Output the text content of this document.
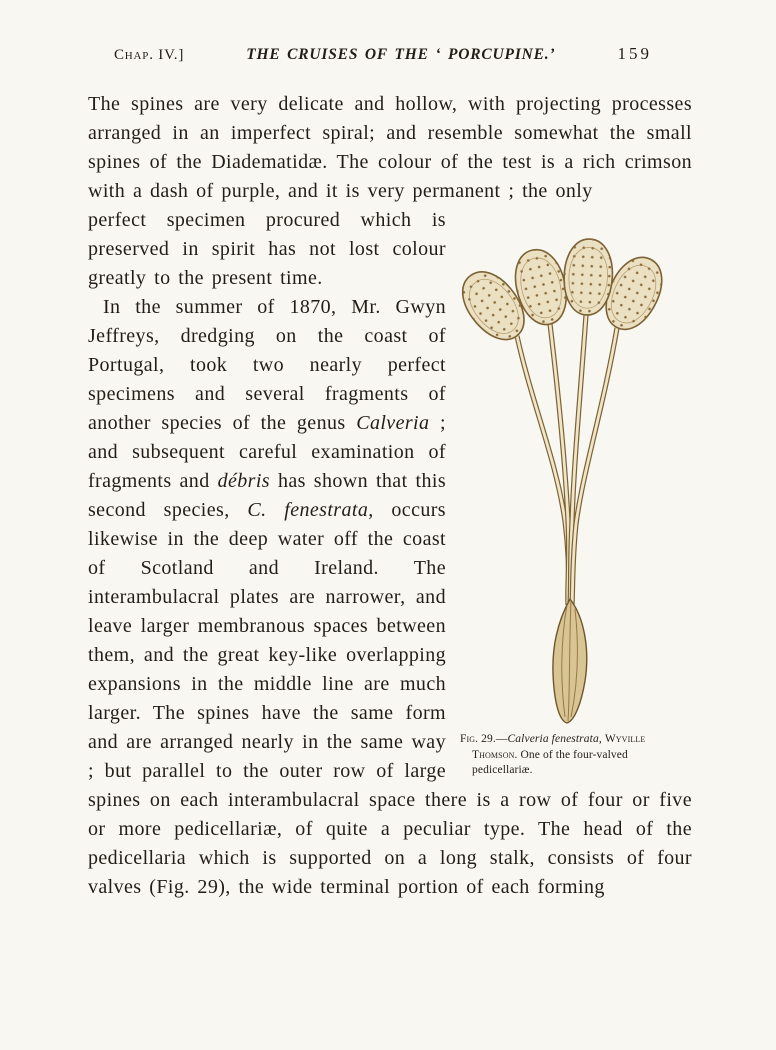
Chap. IV.]	THE CRUISES OF THE ‘ PORCUPINE.’	159

The spines are very delicate and hollow, with projecting processes arranged in an imperfect spiral; and resemble somewhat the small spines of the Diadematidæ. The colour of the test is a rich crimson with a dash of purple, and it is very permanent ; the only

Fig. 29.—Calveria fenestrata, Wyville Thomson. One of the four-valved pedicellariæ.

perfect specimen procured which is preserved in spirit has not lost colour greatly to the present time.

In the summer of 1870, Mr. Gwyn Jeffreys, dredging on the coast of Portugal, took two nearly perfect specimens and several fragments of another species of the genus Calveria ; and subsequent careful examination of fragments and débris has shown that this second species, C. fenestrata, occurs likewise in the deep water off the coast of Scotland and Ireland. The interambulacral plates are narrower, and leave larger membranous spaces between them, and the great key-like overlapping expansions in the middle line are much larger. The spines have the same form and are arranged nearly in the same way ; but parallel to the outer row of large spines on each interambulacral space there is a row of four or five or more pedicellariæ, of quite a peculiar type. The head of the pedicellaria which is supported on a long stalk, consists of four valves (Fig. 29), the wide terminal portion of each forming
